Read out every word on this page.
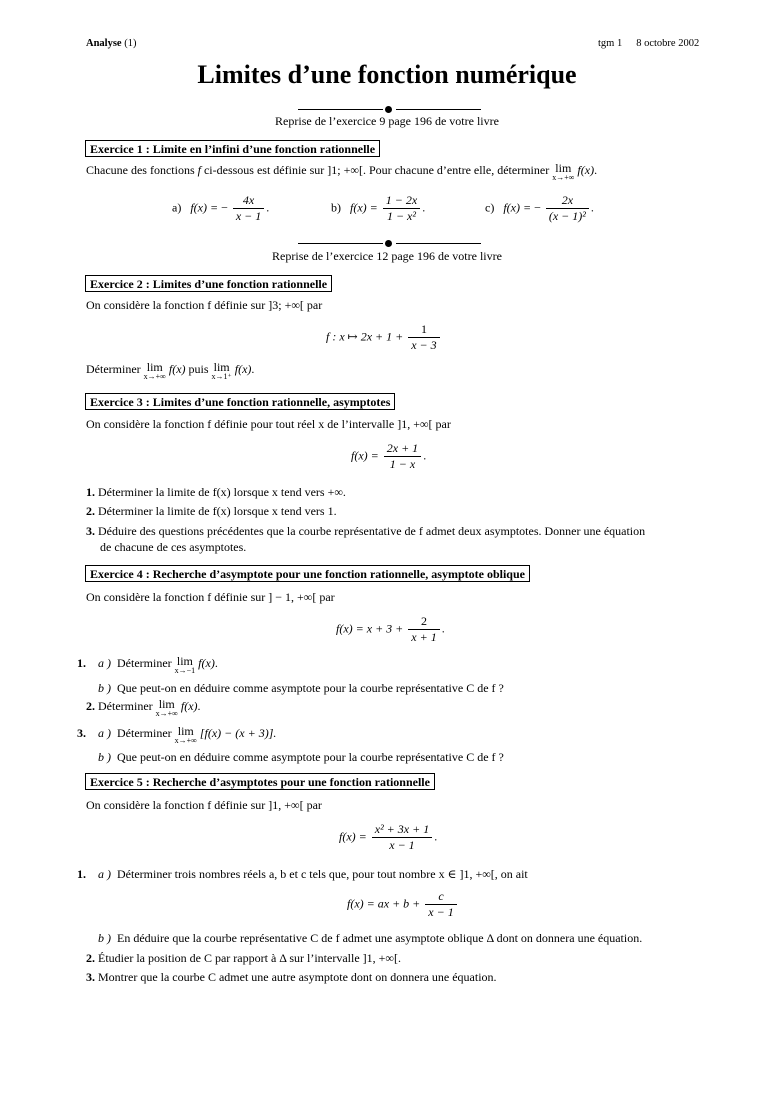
Analyse (1)	tgm 1 8 octobre 2002
Limites d’une fonction numérique
Reprise de l’exercice 9 page 196 de votre livre
Exercice 1 : Limite en l’infini d’une fonction rationnelle
Chacune des fonctions f ci-dessous est définie sur ]1; +∞[. Pour chacune d’entre elle, déterminer lim
x→+∞
f(x).
a) f(x) = − $\frac{4x}{x - 1}$ .	b) $f(x) = \frac{1 - 2x}{\text{1 − x²}}$ .	c) f(x) = − $\frac{2x}{\text{(x − 1)²}}$ .
Reprise de l’exercice 12 page 196 de votre livre
Exercice 2 : Limites d’une fonction rationnelle
On considère la fonction f définie sur ]3; +∞[ par
f : x ↦ $2x + 1 + \frac{1}{x - 3}$
Déterminer lim
x→+∞
f(x) puis lim
x→1⁺
f(x).
Exercice 3 : Limites d’une fonction rationnelle, asymptotes
On considère la fonction f définie pour tout réel x de l’intervalle ]1, +∞[ par
$f(x) = \frac{2x + 1}{1 - x}$ .
1. Déterminer la limite de f(x) lorsque x tend vers +∞.
2. Déterminer la limite de f(x) lorsque x tend vers 1.
3. Déduire des questions précédentes que la courbe représentative de f admet deux asymptotes. Donner une équation
de chacune de ces asymptotes.
Exercice 4 : Recherche d’asymptote pour une fonction rationnelle, asymptote oblique
On considère la fonction f définie sur ] − 1, +∞[ par
$f(x) = x + 3 + \frac{2}{x + 1}$ .
1. a ) Déterminer lim
x→−1
f(x).
b ) Que peut-on en déduire comme asymptote pour la courbe représentative C de f ?
2. Déterminer lim
x→+∞
f(x).
3. a ) Déterminer lim
x→+∞
[f(x) − (x + 3)].
b ) Que peut-on en déduire comme asymptote pour la courbe représentative C de f ?
Exercice 5 : Recherche d’asymptotes pour une fonction rationnelle
On considère la fonction f définie sur ]1, +∞[ par
$f(x) = \frac{\text{x² + 3x + 1}}{x - 1}$ .
1. a ) Déterminer trois nombres réels a, b et c tels que, pour tout nombre x ∈ ]1, +∞[, on ait
f(x) = ax + $b + \frac{c}{x - 1}$
b ) En déduire que la courbe représentative C de f admet une asymptote oblique Δ dont on donnera une équation.
2. Étudier la position de C par rapport à Δ sur l’intervalle ]1, +∞[.
3. Montrer que la courbe C admet une autre asymptote dont on donnera une équation.
